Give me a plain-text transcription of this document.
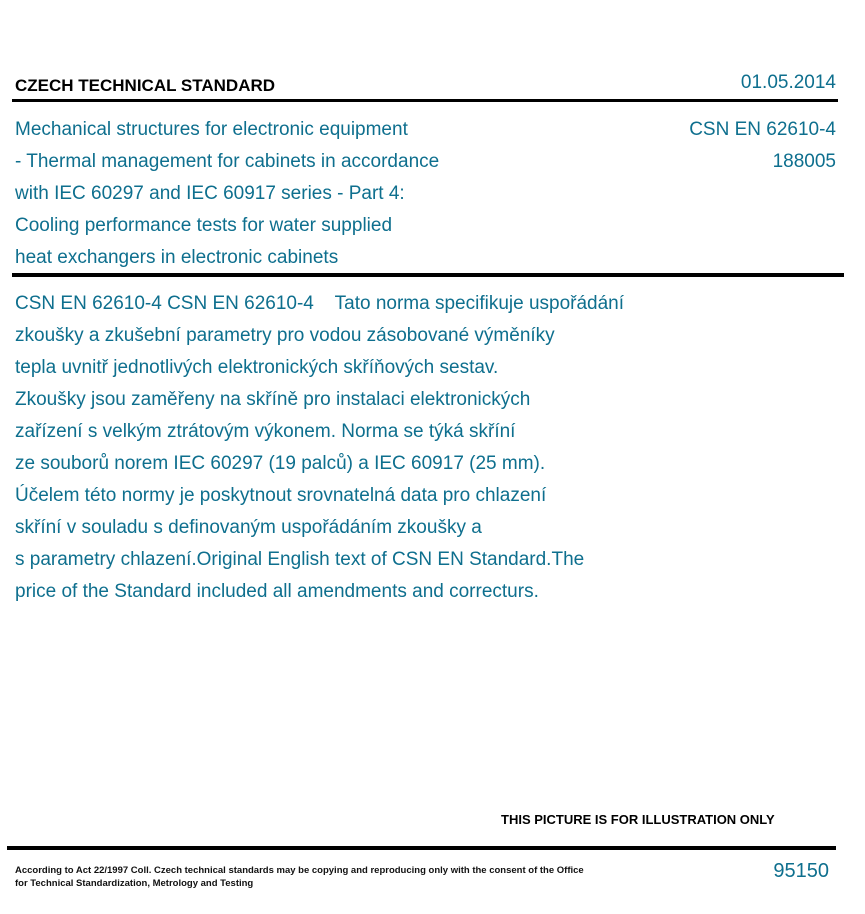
CZECH TECHNICAL STANDARD	01.05.2014
Mechanical structures for electronic equipment
- Thermal management for cabinets in accordance
with IEC 60297 and IEC 60917 series - Part 4:
Cooling performance tests for water supplied
heat exchangers in electronic cabinets
CSN EN 62610-4
188005
CSN EN 62610-4 CSN EN 62610-4    Tato norma specifikuje uspořádání
zkoušky a zkušební parametry pro vodou zásobované výměníky
tepla uvnitř jednotlivých elektronických skříňových sestav.
Zkoušky jsou zaměřeny na skříně pro instalaci elektronických
zařízení s velkým ztrátovým výkonem. Norma se týká skříní
ze souborů norem IEC 60297 (19 palců) a IEC 60917 (25 mm).
Účelem této normy je poskytnout srovnatelná data pro chlazení
skříní v souladu s definovaným uspořádáním zkoušky a
s parametry chlazení.Original English text of CSN EN Standard.The
price of the Standard included all amendments and correcturs.
THIS PICTURE IS FOR ILLUSTRATION ONLY
According to Act 22/1997 Coll. Czech technical standards may be copying and reproducing only with the consent of the Office
for Technical Standardization, Metrology and Testing
95150
